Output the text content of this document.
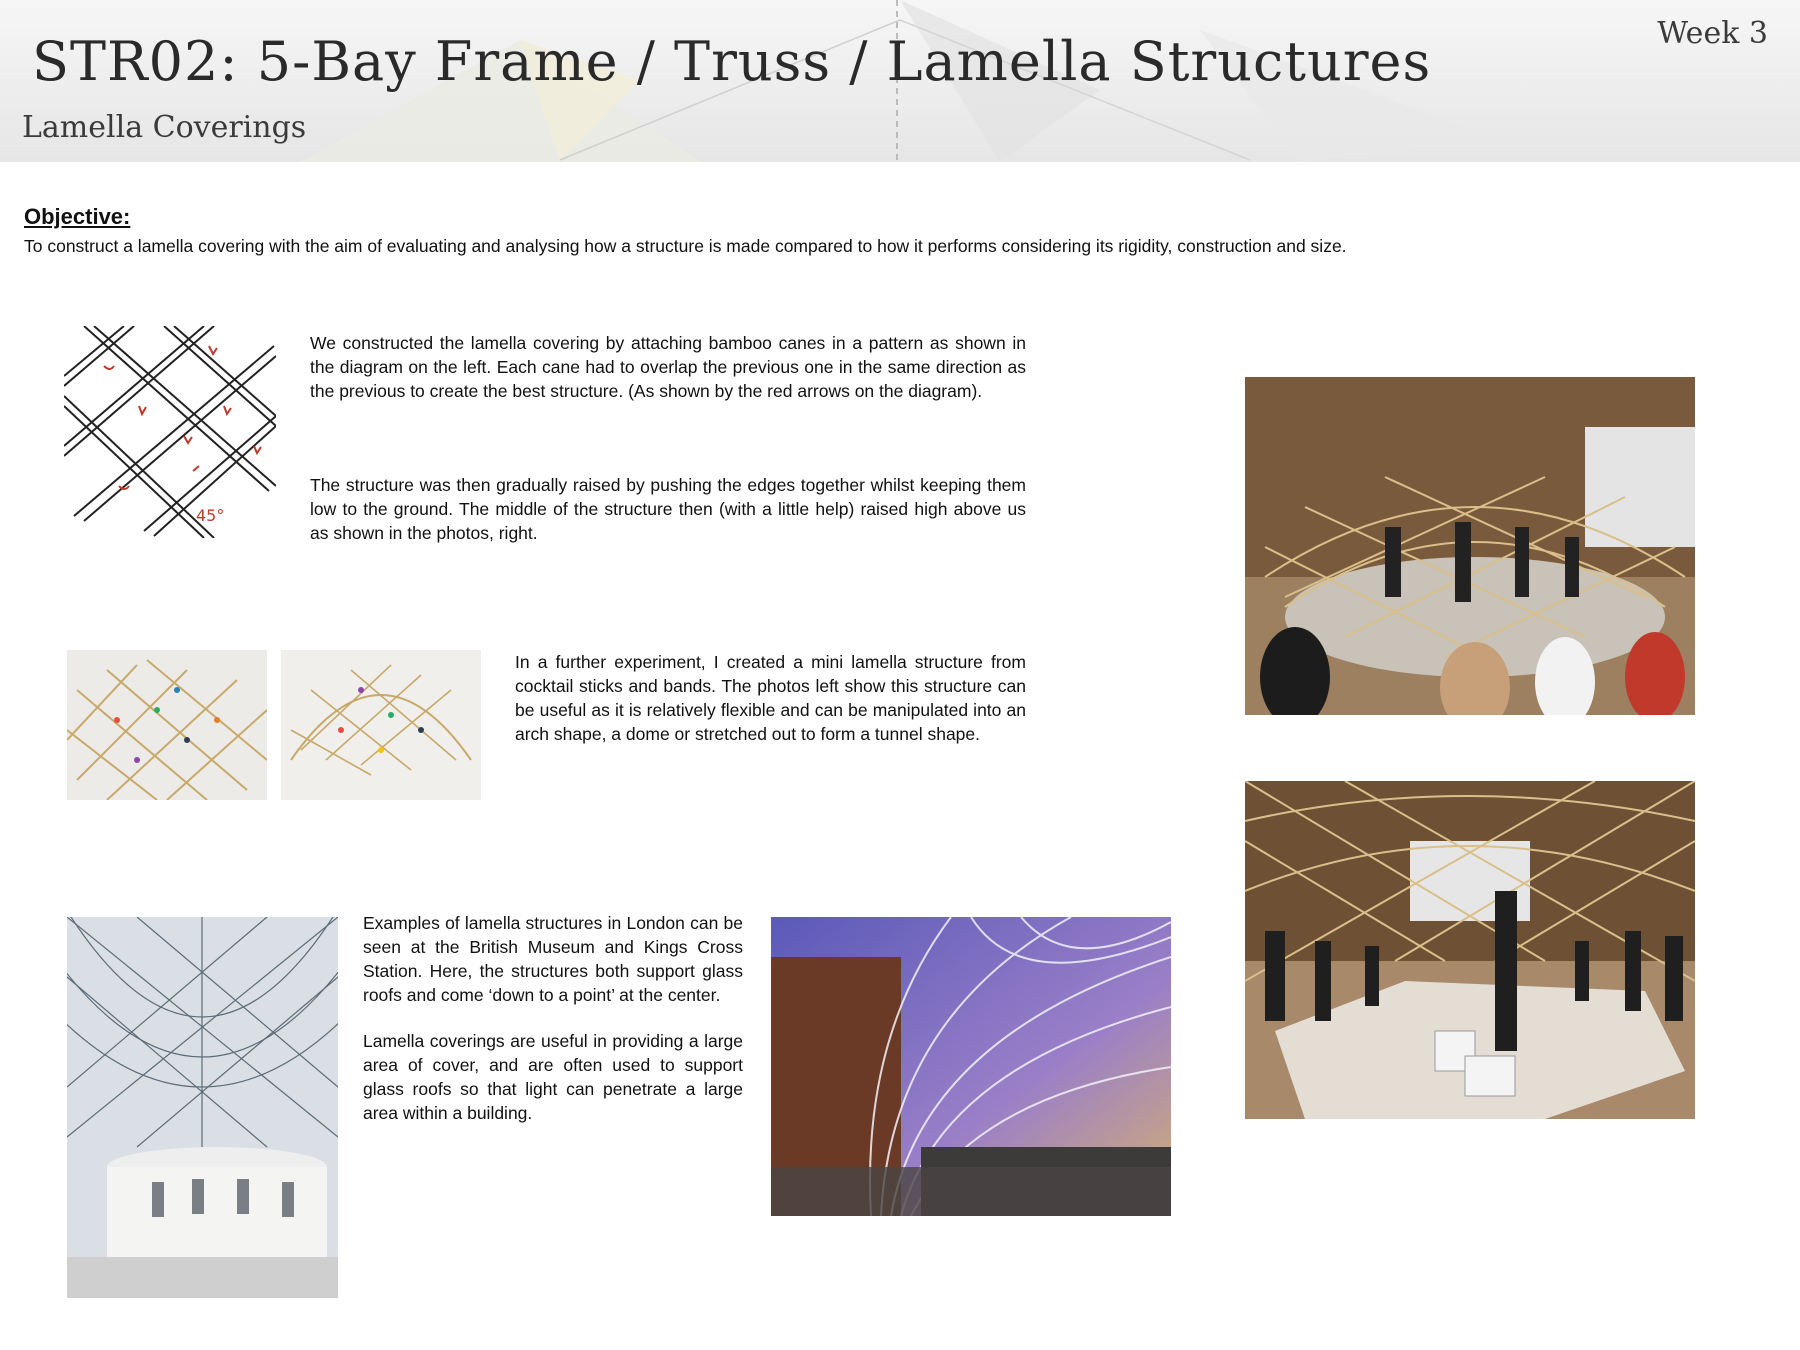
STR02: 5-Bay Frame / Truss / Lamella Structures
Lamella Coverings
Week 3
Objective:
To construct a lamella covering with the aim of evaluating and analysing how a structure is made compared to how it performs considering its rigidity, construction and size.
45°

We constructed the lamella covering by attaching bamboo canes in a pattern as shown in the diagram on the left. Each cane had to overlap the previous one in the same direction as the previous to create the best structure. (As shown by the red arrows on the diagram).

The structure was then gradually raised by pushing the edges together whilst keeping them low to the ground. The middle of the structure then (with a little help) raised high above us as shown in the photos, right.

In a further experiment, I created a mini lamella structure from cocktail sticks and bands. The photos left show this structure can be useful as it is relatively flexible and can be manipulated into an arch shape, a dome or stretched out to form a tunnel shape.

Examples of lamella structures in London can be seen at the British Museum and Kings Cross Station. Here, the structures both support glass roofs and come ‘down to a point’ at the center.

Lamella coverings are useful in providing a large area of cover, and are often used to support glass roofs so that light can penetrate a large area within a building.
